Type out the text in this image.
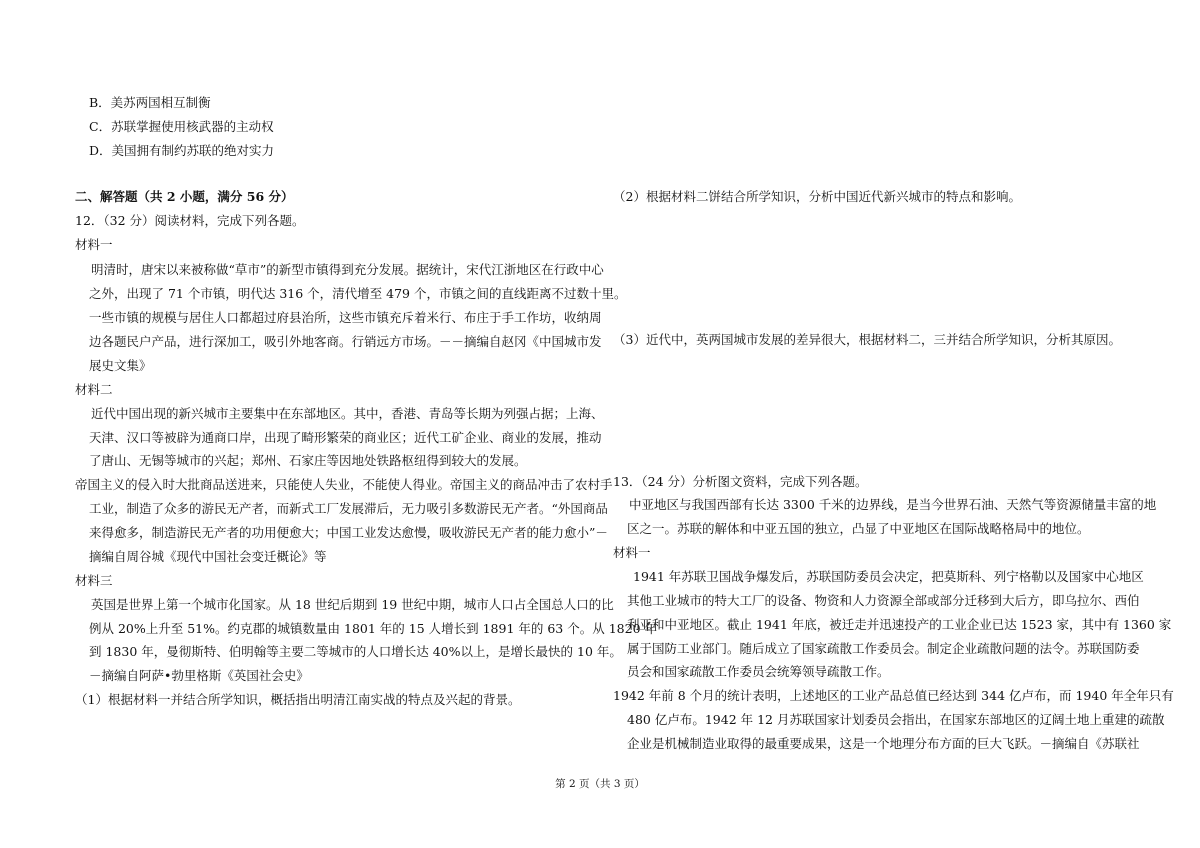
B．美苏两国相互制衡
C．苏联掌握使用核武器的主动权
D．美国拥有制约苏联的绝对实力
二、解答题（共 2 小题，满分 56 分）
12．（32 分）阅读材料，完成下列各题。
材料一
明清时，唐宋以来被称做“草市”的新型市镇得到充分发展。据统计，宋代江浙地区在行政中心
之外，出现了 71 个市镇，明代达 316 个，清代增至 479 个，市镇之间的直线距离不过数十里。
一些市镇的规模与居住人口都超过府县治所，这些市镇充斥着米行、布庄于手工作坊，收纳周
边各题民户产品，进行深加工，吸引外地客商。行销远方市场。－－摘编自赵冈《中国城市发
展史文集》
材料二
近代中国出现的新兴城市主要集中在东部地区。其中，香港、青岛等长期为列强占据；上海、
天津、汉口等被辟为通商口岸，出现了畸形繁荣的商业区；近代工矿企业、商业的发展，推动
了唐山、无锡等城市的兴起；郑州、石家庄等因地处铁路枢纽得到较大的发展。
帝国主义的侵入时大批商品送进来，只能使人失业，不能使人得业。帝国主义的商品冲击了农村手
工业，制造了众多的游民无产者，而新式工厂发展滞后，无力吸引多数游民无产者。“外国商品
来得愈多，制造游民无产者的功用便愈大；中国工业发达愈慢，吸收游民无产者的能力愈小”－
摘编自周谷城《现代中国社会变迁概论》等
材料三
英国是世界上第一个城市化国家。从 18 世纪后期到 19 世纪中期，城市人口占全国总人口的比
例从 20%上升至 51%。约克郡的城镇数量由 1801 年的 15 人增长到 1891 年的 63 个。从 1820 年
到 1830 年，曼彻斯特、伯明翰等主要二等城市的人口增长达 40%以上，是增长最快的 10 年。
－摘编自阿萨•勃里格斯《英国社会史》
（1）根据材料一并结合所学知识，概括指出明清江南实战的特点及兴起的背景。
（2）根据材料二饼结合所学知识，分析中国近代新兴城市的特点和影响。
（3）近代中，英两国城市发展的差异很大，根据材料二，三并结合所学知识，分析其原因。
13．（24 分）分析图文资料，完成下列各题。
中亚地区与我国西部有长达 3300 千米的边界线，是当今世界石油、天然气等资源储量丰富的地
区之一。苏联的解体和中亚五国的独立，凸显了中亚地区在国际战略格局中的地位。
材料一
1941 年苏联卫国战争爆发后，苏联国防委员会决定，把莫斯科、列宁格勒以及国家中心地区
其他工业城市的特大工厂的设备、物资和人力资源全部或部分迁移到大后方，即乌拉尔、西伯
利亚和中亚地区。截止 1941 年底，被迁走并迅速投产的工业企业已达 1523 家，其中有 1360 家
属于国防工业部门。随后成立了国家疏散工作委员会。制定企业疏散问题的法令。苏联国防委
员会和国家疏散工作委员会统筹领导疏散工作。
1942 年前 8 个月的统计表明，上述地区的工业产品总值已经达到 344 亿卢布，而 1940 年全年只有
480 亿卢布。1942 年 12 月苏联国家计划委员会指出，在国家东部地区的辽阔土地上重建的疏散
企业是机械制造业取得的最重要成果，这是一个地理分布方面的巨大飞跃。－摘编自《苏联社
第 2 页（共 3 页）
